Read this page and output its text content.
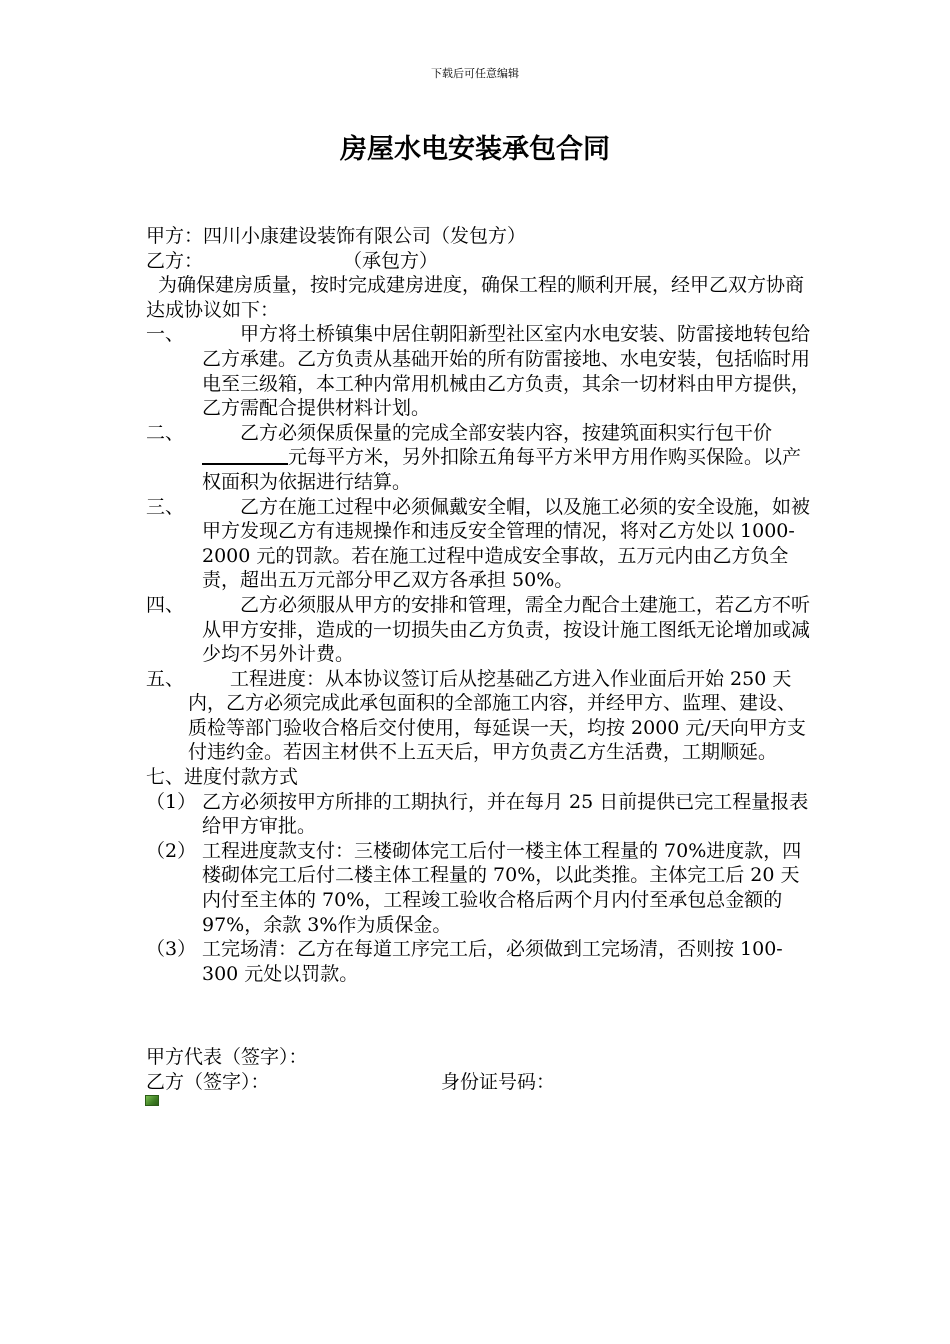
下载后可任意编辑
房屋水电安装承包合同
甲方：四川小康建设装饰有限公司（发包方）
乙方：	（承包方）
为确保建房质量，按时完成建房进度，确保工程的顺利开展，经甲乙双方协商达成协议如下：
一、	甲方将土桥镇集中居住朝阳新型社区室内水电安装、防雷接地转包给乙方承建。乙方负责从基础开始的所有防雷接地、水电安装，包括临时用电至三级箱，本工种内常用机械由乙方负责，其余一切材料由甲方提供，乙方需配合提供材料计划。
二、	乙方必须保质保量的完成全部安装内容，按建筑面积实行包干价元每平方米，另外扣除五角每平方米甲方用作购买保险。以产权面积为依据进行结算。
三、	乙方在施工过程中必须佩戴安全帽，以及施工必须的安全设施，如被甲方发现乙方有违规操作和违反安全管理的情况，将对乙方处以 1000-2000 元的罚款。若在施工过程中造成安全事故，五万元内由乙方负全责，超出五万元部分甲乙双方各承担 50%。
四、	乙方必须服从甲方的安排和管理，需全力配合土建施工，若乙方不听从甲方安排，造成的一切损失由乙方负责，按设计施工图纸无论增加或减少均不另外计费。
五、	工程进度：从本协议签订后从挖基础乙方进入作业面后开始 250 天内，乙方必须完成此承包面积的全部施工内容，并经甲方、监理、建设、质检等部门验收合格后交付使用，每延误一天，均按 2000 元/天向甲方支付违约金。若因主材供不上五天后，甲方负责乙方生活费，工期顺延。
七、进度付款方式
（1） 乙方必须按甲方所排的工期执行，并在每月 25 日前提供已完工程量报表给甲方审批。
（2） 工程进度款支付：三楼砌体完工后付一楼主体工程量的 70%进度款，四楼砌体完工后付二楼主体工程量的 70%，以此类推。主体完工后 20 天内付至主体的 70%，工程竣工验收合格后两个月内付至承包总金额的 97%，余款 3%作为质保金。
（3） 工完场清：乙方在每道工序完工后，必须做到工完场清，否则按 100-300 元处以罚款。
甲方代表（签字）：
乙方（签字）：	身份证号码：
